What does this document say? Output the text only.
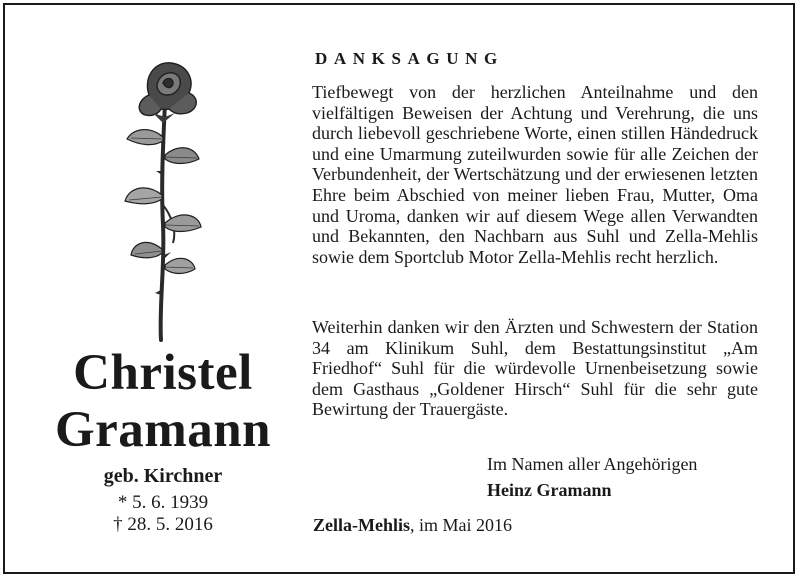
Christel
Gramann
geb. Kirchner
* 5. 6. 1939
† 28. 5. 2016
DANKSAGUNG
Tiefbewegt von der herzlichen Anteilnahme und den vielfältigen Beweisen der Achtung und Verehrung, die uns durch liebevoll geschriebene Worte, einen stillen Händedruck und eine Umarmung zuteilwurden sowie für alle Zeichen der Verbundenheit, der Wertschätzung und der erwiesenen letzten Ehre beim Abschied von meiner lieben Frau, Mutter, Oma und Uroma, danken wir auf diesem Wege allen Verwandten und Bekannten, den Nachbarn aus Suhl und Zella-Mehlis sowie dem Sportclub Motor Zella-Mehlis recht herzlich.
Weiterhin danken wir den Ärzten und Schwestern der Station 34 am Klinikum Suhl, dem Bestattungsinstitut „Am Friedhof“ Suhl für die würdevolle Urnenbeisetzung sowie dem Gasthaus „Goldener Hirsch“ Suhl für die sehr gute Bewirtung der Trauergäste.
Im Namen aller Angehörigen
Heinz Gramann
Zella-Mehlis, im Mai 2016
